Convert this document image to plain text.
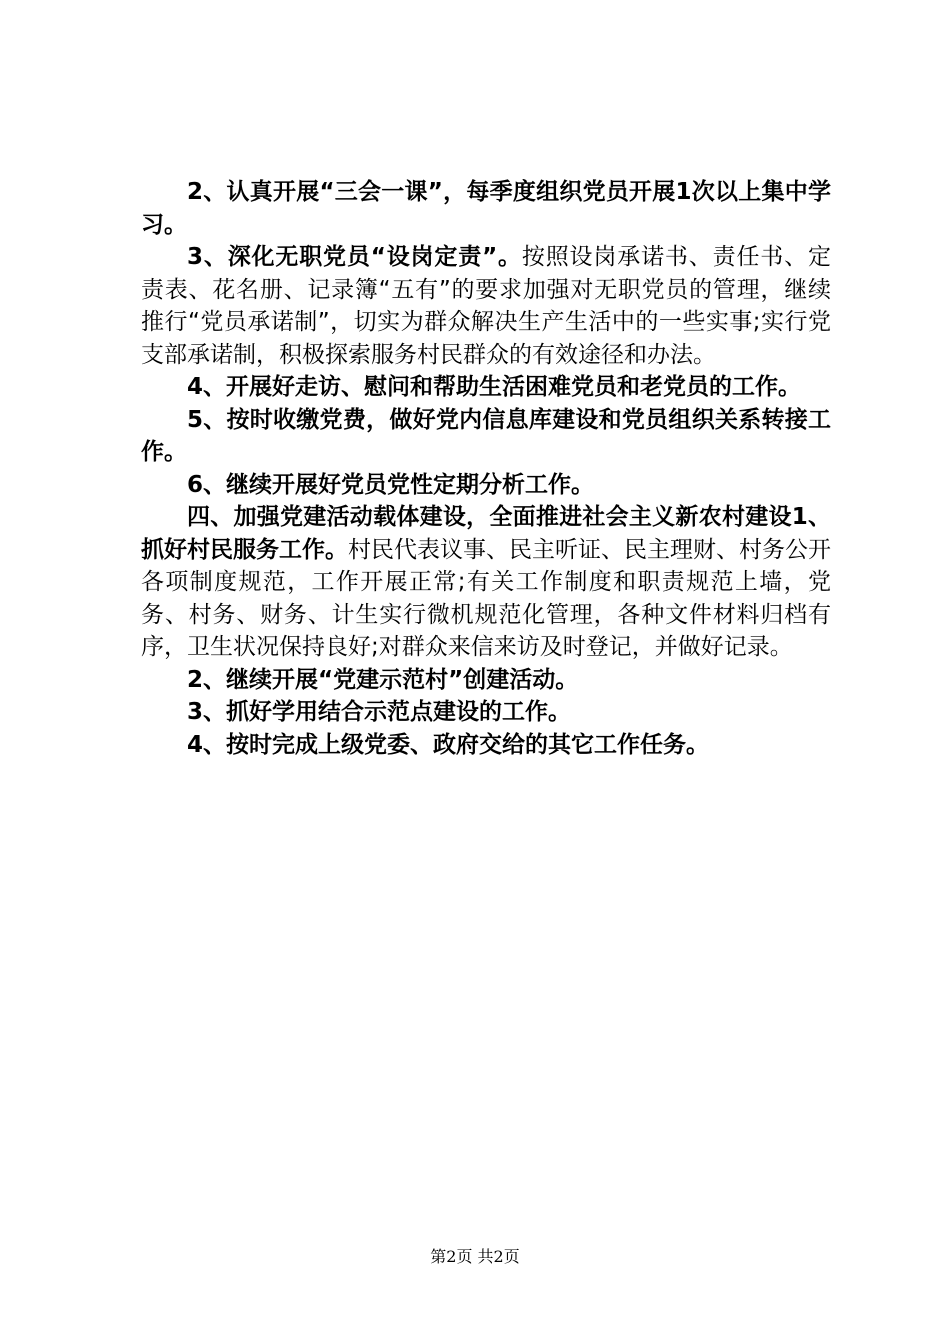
2、认真开展“三会一课”，每季度组织党员开展1次以上集中学习。

3、深化无职党员“设岗定责”。按照设岗承诺书、责任书、定责表、花名册、记录簿“五有”的要求加强对无职党员的管理，继续推行“党员承诺制”，切实为群众解决生产生活中的一些实事;实行党支部承诺制，积极探索服务村民群众的有效途径和办法。

4、开展好走访、慰问和帮助生活困难党员和老党员的工作。

5、按时收缴党费，做好党内信息库建设和党员组织关系转接工作。

6、继续开展好党员党性定期分析工作。

四、加强党建活动载体建设，全面推进社会主义新农村建设1、抓好村民服务工作。村民代表议事、民主听证、民主理财、村务公开各项制度规范，工作开展正常;有关工作制度和职责规范上墙，党务、村务、财务、计生实行微机规范化管理，各种文件材料归档有序，卫生状况保持良好;对群众来信来访及时登记，并做好记录。

2、继续开展“党建示范村”创建活动。

3、抓好学用结合示范点建设的工作。

4、按时完成上级党委、政府交给的其它工作任务。

第2页 共2页
